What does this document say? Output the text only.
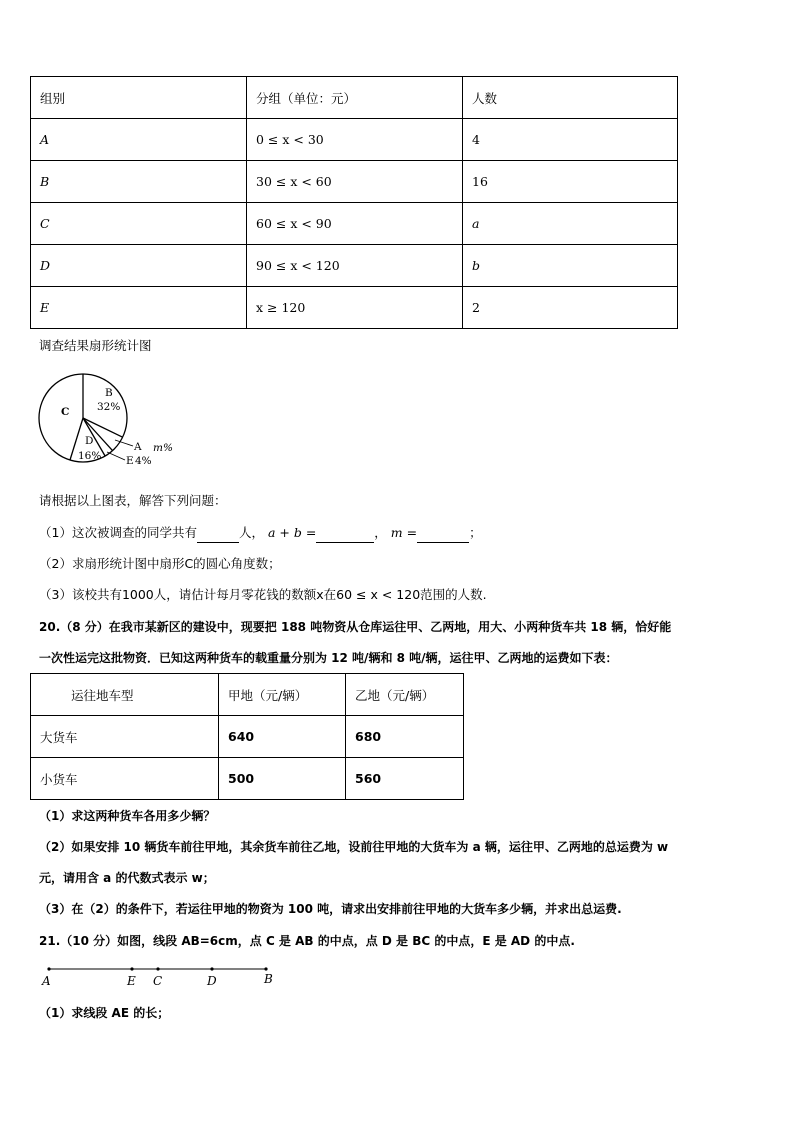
组别	分组（单位：元）	人数
A	0 ≤ x < 30	4
B	30 ≤ x < 60	16
C	60 ≤ x < 90	a
D	90 ≤ x < 120	b
E	x ≥ 120	2
调查结果扇形统计图
B
32%
C
D
16%
A m%
E 4%
请根据以上图表，解答下列问题：
（1）这次被调查的同学共有	人， a + b =	， m =	；
（2）求扇形统计图中扇形C的圆心角度数；
（3）该校共有1000人，请估计每月零花钱的数额x在60 ≤ x < 120范围的人数.
20.（8 分）在我市某新区的建设中，现要把 188 吨物资从仓库运往甲、乙两地，用大、小两种货车共 18 辆，恰好能
一次性运完这批物资．已知这两种货车的载重量分别为 12 吨/辆和 8 吨/辆，运往甲、乙两地的运费如下表：
运往地车型	甲地（元/辆）	乙地（元/辆）
大货车	640	680
小货车	500	560
（1）求这两种货车各用多少辆？
（2）如果安排 10 辆货车前往甲地，其余货车前往乙地，设前往甲地的大货车为 a 辆，运往甲、乙两地的总运费为 w
元，请用含 a 的代数式表示 w；
（3）在（2）的条件下，若运往甲地的物资为 100 吨，请求出安排前往甲地的大货车多少辆，并求出总运费.
21.（10 分）如图，线段 AB=6cm，点 C 是 AB 的中点，点 D 是 BC 的中点，E 是 AD 的中点.
A	E C	D	B
（1）求线段 AE 的长；
